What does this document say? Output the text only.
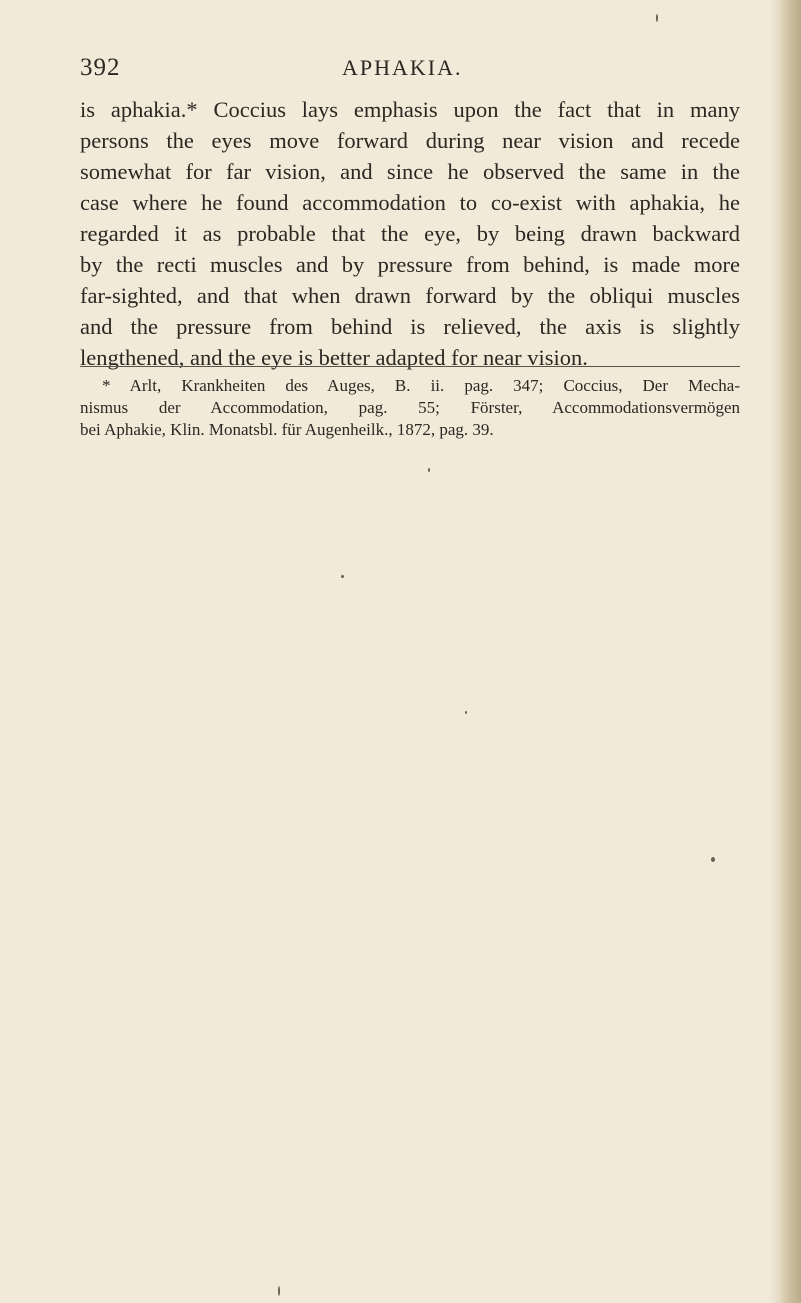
392	APHAKIA.

is aphakia.* Coccius lays emphasis upon the fact that in many
persons the eyes move forward during near vision and recede
somewhat for far vision, and since he observed the same in the
case where he found accommodation to co-exist with aphakia, he
regarded it as probable that the eye, by being drawn backward
by the recti muscles and by pressure from behind, is made more
far-sighted, and that when drawn forward by the obliqui muscles
and the pressure from behind is relieved, the axis is slightly
lengthened, and the eye is better adapted for near vision.

* Arlt, Krankheiten des Auges, B. ii. pag. 347; Coccius, Der Mecha-
nismus der Accommodation, pag. 55; Förster, Accommodationsvermögen
bei Aphakie, Klin. Monatsbl. für Augenheilk., 1872, pag. 39.
